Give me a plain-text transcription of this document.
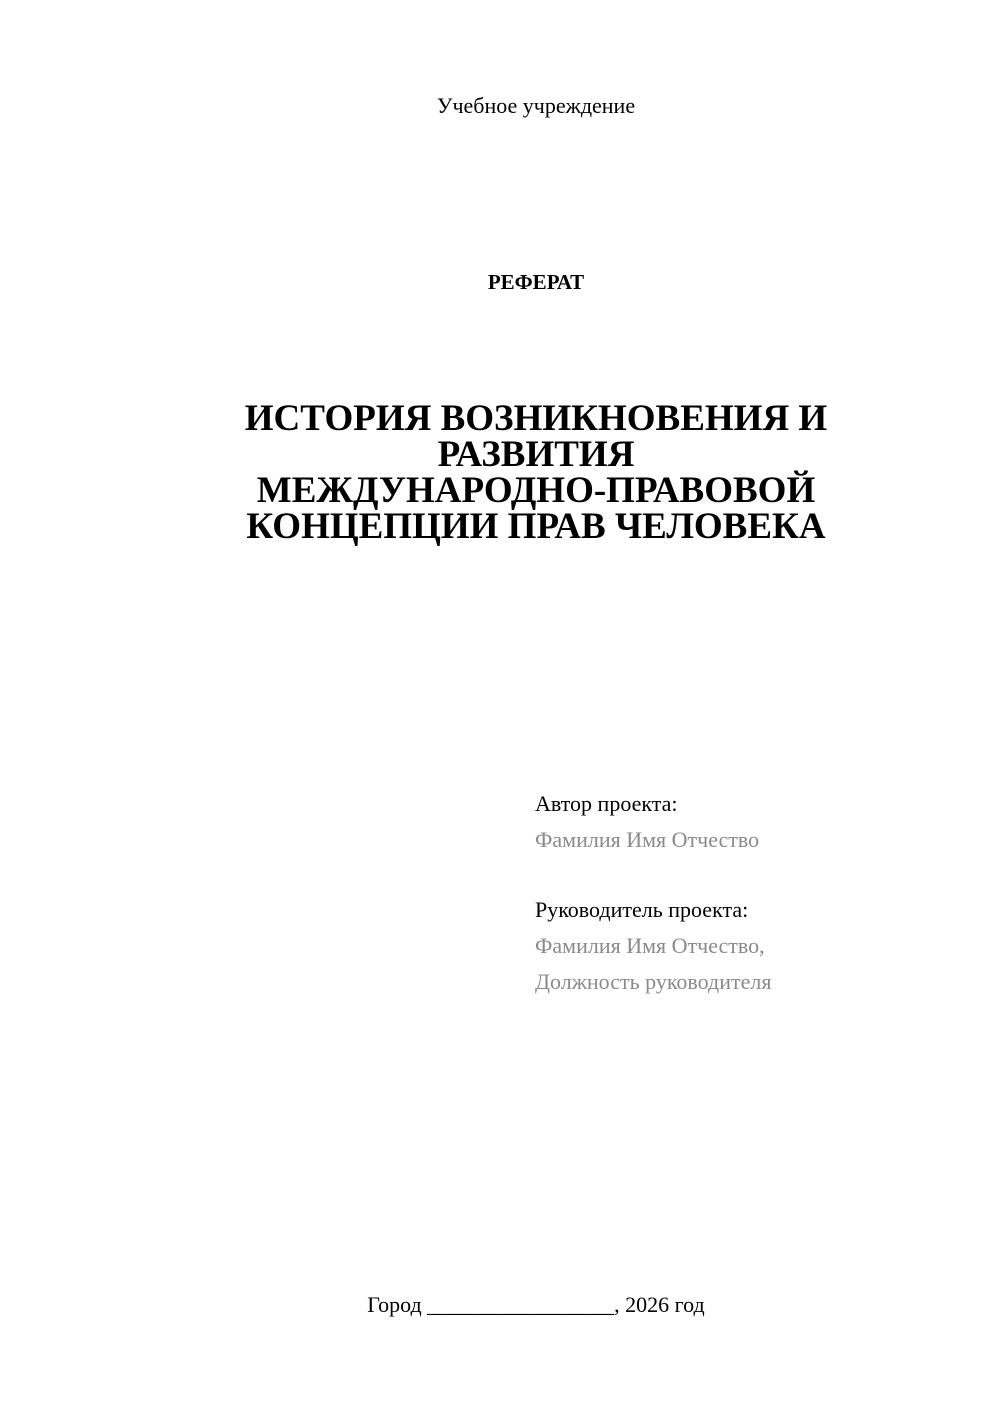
Учебное учреждение
РЕФЕРАТ
ИСТОРИЯ ВОЗНИКНОВЕНИЯ И
РАЗВИТИЯ
МЕЖДУНАРОДНО-ПРАВОВОЙ
КОНЦЕПЦИИ ПРАВ ЧЕЛОВЕКА
Автор проекта:
Фамилия Имя Отчество
Руководитель проекта:
Фамилия Имя Отчество,
Должность руководителя
Город _________________, 2026 год
